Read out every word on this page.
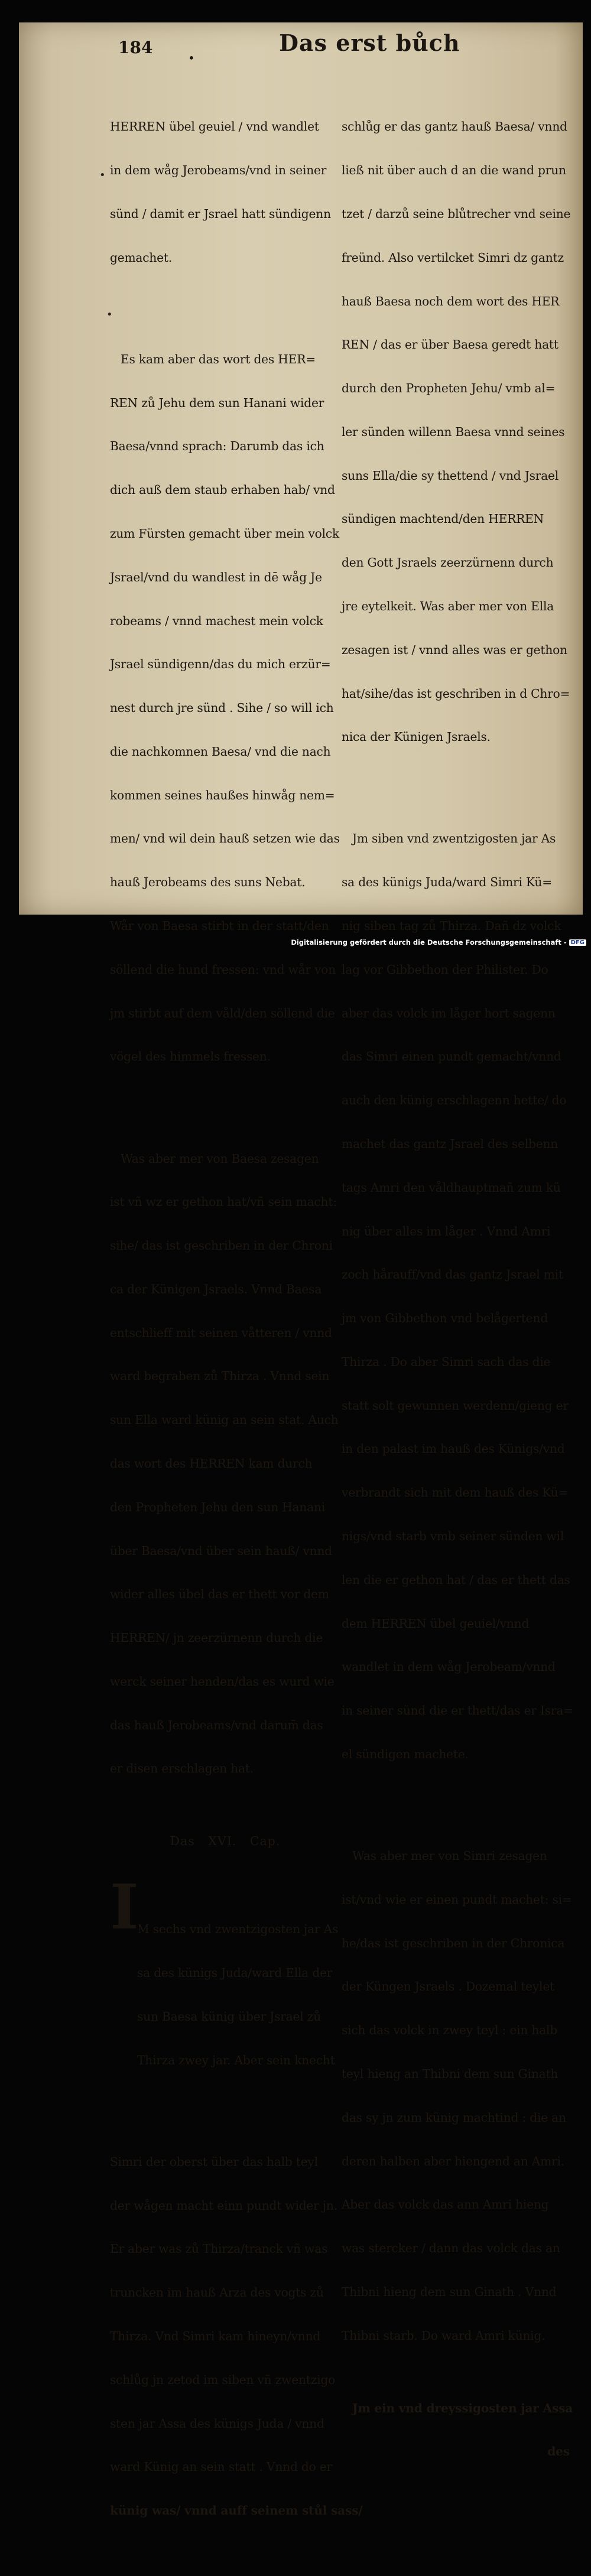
184
•
Das erst bůch
•
•

HERREN übel geuiel / vnd wandlet

in dem wåg Jerobeams/vnd in seiner

sünd / damit er Jsrael hatt sündigenn

gemachet.

Es kam aber das wort des HER=

REN zů Jehu dem sun Hanani wider

Baesa/vnnd sprach: Darumb das ich

dich auß dem staub erhaben hab/ vnd

zum Fürsten gemacht über mein volck

Jsrael/vnd du wandlest in dē wåg Je

robeams / vnnd machest mein volck

Jsrael sündigenn/das du mich erzür=

nest durch jre sünd . Sihe / so will ich

die nachkomnen Baesa/ vnd die nach

kommen seines haußes hinwåg nem=

men/ vnd wil dein hauß setzen wie das

hauß Jerobeams des suns Nebat.

Wår von Baesa stirbt in der statt/den

söllend die hund fressen: vnd wår von

jm stirbt auf dem våld/den söllend die

vögel des himmels fressen.

Was aber mer von Baesa zesagen

ist vñ wz er gethon hat/vñ sein macht:

sihe/ das ist geschriben in der Chroni

ca der Künigen Jsraels. Vnnd Baesa

entschlieff mit seinen våtteren / vnnd

ward begraben zů Thirza . Vnnd sein

sun Ella ward künig an sein stat. Auch

das wort des HERREN kam durch

den Propheten Jehu den sun Hanani

über Baesa/vnd über sein hauß/ vnnd

wider alles übel das er thett vor dem

HERREN/ jn zeerzürnenn durch die

werck seiner henden/das es wurd wie

das hauß Jerobeams/vnd darum̄ das

er disen erschlagen hat.

Das   XVI.   Cap.

I

M sechs vnd zwentzigosten jar As

sa des künigs Juda/ward Ella der

sun Baesa künig über Jsrael zů

Thirza zwey jar. Aber sein knecht

Simri der oberst über das halb teyl

der wågen macht einn pundt wider jn.

Er aber was zů Thirza/tranck vñ was

truncken im hauß Arza des vogts zů

Thirza. Vnd Simri kam hineyn/vnnd

schlůg jn zetod im siben vñ zwentzigo

sten jar Assa des künigs Juda / vnnd

ward Künig an sein statt . Vnnd do er

künig was/ vnnd auff seinem stůl sass/

schlůg er das gantz hauß Baesa/ vnnd

ließ nit über auch d an die wand prun

tzet / darzů seine blůtrecher vnd seine

freünd. Also vertilcket Simri dz gantz

hauß Baesa noch dem wort des HER

REN / das er über Baesa geredt hatt

durch den Propheten Jehu/ vmb al=

ler sünden willenn Baesa vnnd seines

suns Ella/die sy thettend / vnd Jsrael

sündigen machtend/den HERREN

den Gott Jsraels zeerzürnenn durch

jre eytelkeit. Was aber mer von Ella

zesagen ist / vnnd alles was er gethon

hat/sihe/das ist geschriben in d Chro=

nica der Künigen Jsraels.

Jm siben vnd zwentzigosten jar As

sa des künigs Juda/ward Simri Kü=

nig siben tag zů Thirza. Dañ dz volck

lag vor Gibbethon der Philister. Do

aber das volck im låger hort sagenn

das Simri einen pundt gemacht/vnnd

auch den künig erschlagenn hette/ do

machet das gantz Jsrael des selbenn

tags Amri den våldhauptmañ zum kü

nig über alles im låger . Vnnd Amri

zoch hårauff/vnd das gantz Jsrael mit

jm von Gibbethon vnd belågertend

Thirza . Do aber Simri sach das die

statt solt gewunnen werdenn/gieng er

in den palast im hauß des Künigs/vnd

verbrandt sich mit dem hauß des Kü=

nigs/vnd starb vmb seiner sünden wil

len die er gethon hat / das er thett das

dem HERREN übel geuiel/vnnd

wandlet in dem wåg Jerobeam/vnnd

in seiner sünd die er thett/das er Isra=

el sündigen machete.

Was aber mer von Simri zesagen

ist/vnd wie er einen pundt machet: si=

he/das ist geschriben in der Chronica

der Küngen Jsraels . Dozemal teylet

sich das volck in zwey teyl : ein halb

teyl hieng an Thibni dem sun Ginath

das sy jn zum künig machtind : die an

deren halben aber hiengend an Amri.

Aber das volck das ann Amri hieng

was stercker / dann das volck das an

Thibni hieng dem sun Ginath . Vnnd

Thibni starb. Do ward Amri künig.

Jm ein vnd dreyssigosten jar Assa

des

Digitalisierung gefördert durch die Deutsche Forschungsgemeinschaft - DFG
